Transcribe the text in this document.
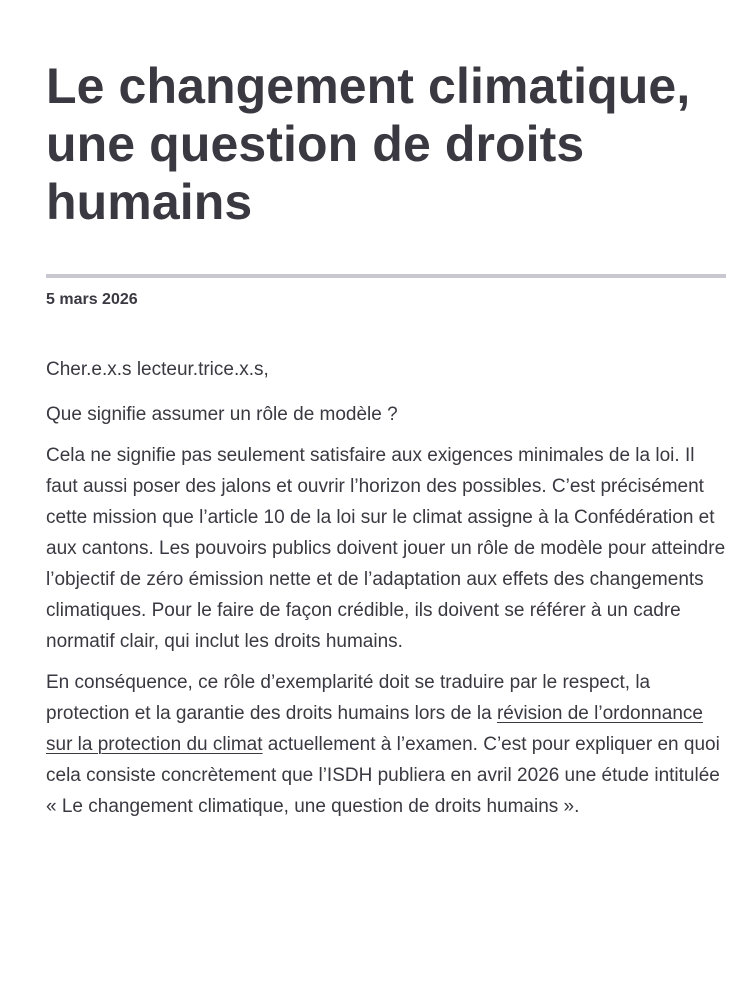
Le changement climatique, une question de droits humains
5 mars 2026

Cher.e.x.s lecteur.trice.x.s,

Que signifie assumer un rôle de modèle ?

Cela ne signifie pas seulement satisfaire aux exigences minimales de la loi. Il faut aussi poser des jalons et ouvrir l’horizon des possibles. C’est précisément cette mission que l’article 10 de la loi sur le climat assigne à la Confédération et aux cantons. Les pouvoirs publics doivent jouer un rôle de modèle pour atteindre l’objectif de zéro émission nette et de l’adaptation aux effets des changements climatiques. Pour le faire de façon crédible, ils doivent se référer à un cadre normatif clair, qui inclut les droits humains.

En conséquence, ce rôle d’exemplarité doit se traduire par le respect, la protection et la garantie des droits humains lors de la révision de l’ordonnance sur la protection du climat actuellement à l’examen. C’est pour expliquer en quoi cela consiste concrètement que l’ISDH publiera en avril 2026 une étude intitulée « Le changement climatique, une question de droits humains ».
